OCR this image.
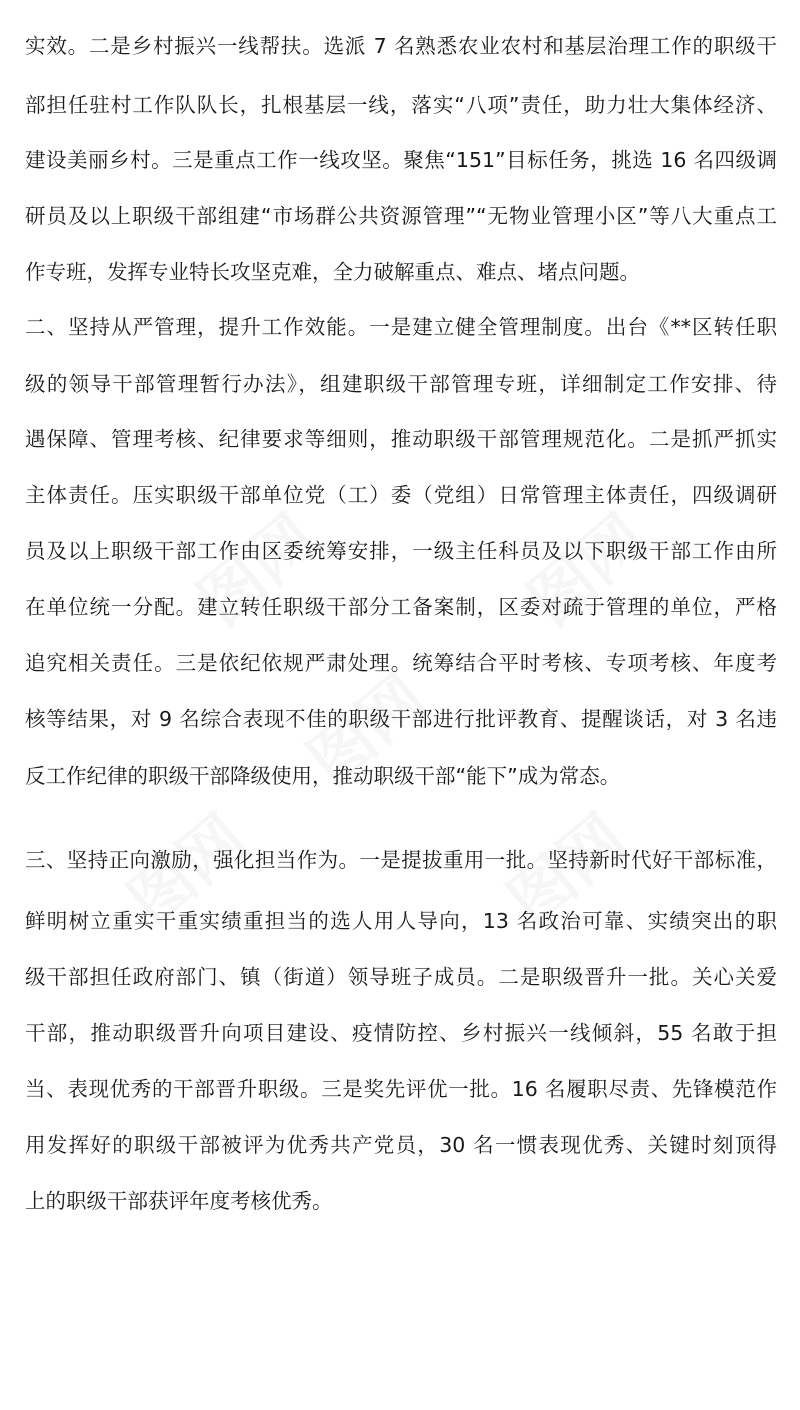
实效。二是乡村振兴一线帮扶。选派 7 名熟悉农业农村和基层治理工作的职级干
部担任驻村工作队队长，扎根基层一线，落实“八项”责任，助力壮大集体经济、
建设美丽乡村。三是重点工作一线攻坚。聚焦“151”目标任务，挑选 16 名四级调
研员及以上职级干部组建“市场群公共资源管理”“无物业管理小区”等八大重点工
作专班，发挥专业特长攻坚克难，全力破解重点、难点、堵点问题。
二、坚持从严管理，提升工作效能。一是建立健全管理制度。出台《**区转任职
级的领导干部管理暂行办法》，组建职级干部管理专班，详细制定工作安排、待
遇保障、管理考核、纪律要求等细则，推动职级干部管理规范化。二是抓严抓实
主体责任。压实职级干部单位党（工）委（党组）日常管理主体责任，四级调研
员及以上职级干部工作由区委统筹安排，一级主任科员及以下职级干部工作由所
在单位统一分配。建立转任职级干部分工备案制，区委对疏于管理的单位，严格
追究相关责任。三是依纪依规严肃处理。统筹结合平时考核、专项考核、年度考
核等结果，对 9 名综合表现不佳的职级干部进行批评教育、提醒谈话，对 3 名违
反工作纪律的职级干部降级使用，推动职级干部“能下”成为常态。
三、坚持正向激励，强化担当作为。一是提拔重用一批。坚持新时代好干部标准，
鲜明树立重实干重实绩重担当的选人用人导向，13 名政治可靠、实绩突出的职
级干部担任政府部门、镇（街道）领导班子成员。二是职级晋升一批。关心关爱
干部，推动职级晋升向项目建设、疫情防控、乡村振兴一线倾斜，55 名敢于担
当、表现优秀的干部晋升职级。三是奖先评优一批。16 名履职尽责、先锋模范作
用发挥好的职级干部被评为优秀共产党员，30 名一惯表现优秀、关键时刻顶得
上的职级干部获评年度考核优秀。
